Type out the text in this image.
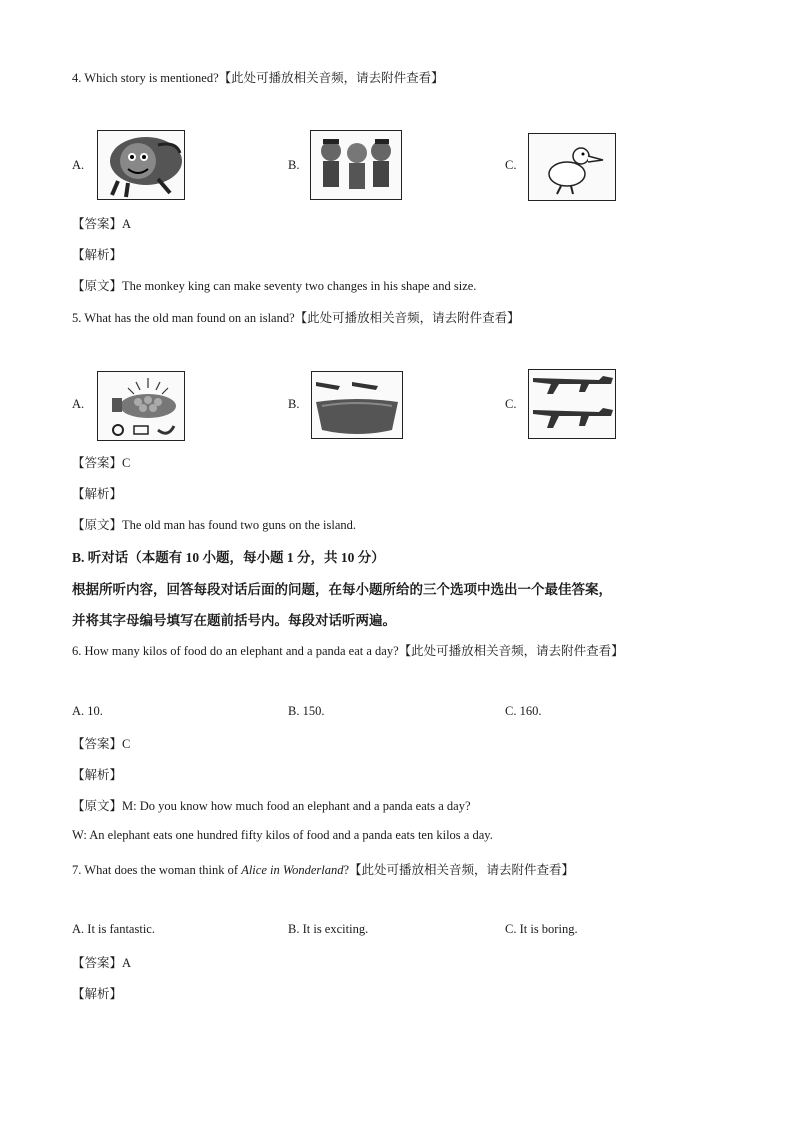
4. Which story is mentioned?【此处可播放相关音频，请去附件查看】
A.	B.	C.
【答案】A
【解析】
【原文】The monkey king can make seventy two changes in his shape and size.
5. What has the old man found on an island?【此处可播放相关音频，请去附件查看】
A.	B.	C.
【答案】C
【解析】
【原文】The old man has found two guns on the island.
B. 听对话（本题有 10 小题，每小题 1 分，共 10 分）
根据所听内容，回答每段对话后面的问题，在每小题所给的三个选项中选出一个最佳答案，
并将其字母编号填写在题前括号内。每段对话听两遍。
6. How many kilos of food do an elephant and a panda eat a day?【此处可播放相关音频，请去附件查看】
A. 10.	B. 150.	C. 160.
【答案】C
【解析】
【原文】M: Do you know how much food an elephant and a panda eats a day?
W: An elephant eats one hundred fifty kilos of food and a panda eats ten kilos a day.
7. What does the woman think of Alice in Wonderland?【此处可播放相关音频，请去附件查看】
A. It is fantastic.	B. It is exciting.	C. It is boring.
【答案】A
【解析】
